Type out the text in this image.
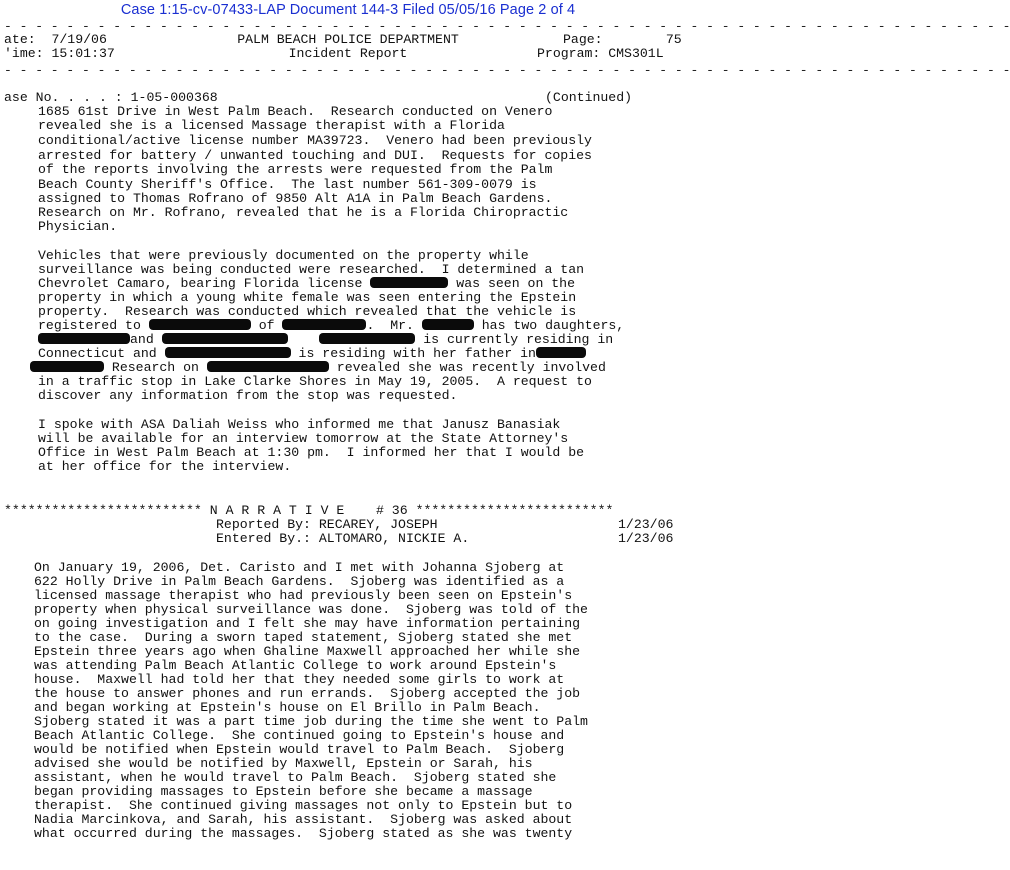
Case 1:15-cv-07433-LAP Document 144-3 Filed 05/05/16 Page 2 of 4
- - - - - - - - - - - - - - - - - - - - - - - - - - - - - - - - - - - - - - - - - - - - - - - - - - - - - - - - - - - - - - - - -
ate: 7/19/06
'ime: 15:01:37
PALM BEACH POLICE DEPARTMENT
Incident Report
Page:	75
Program: CMS301L
- - - - - - - - - - - - - - - - - - - - - - - - - - - - - - - - - - - - - - - - - - - - - - - - - - - - - - - - - - - - - - - - -
ase No. . . . : 1-05-000368	(Continued)
1685 61st Drive in West Palm Beach.  Research conducted on Venero
revealed she is a licensed Massage therapist with a Florida
conditional/active license number MA39723.  Venero had been previously
arrested for battery / unwanted touching and DUI.  Requests for copies
of the reports involving the arrests were requested from the Palm
Beach County Sheriff's Office.  The last number 561-309-0079 is
assigned to Thomas Rofrano of 9850 Alt A1A in Palm Beach Gardens.
Research on Mr. Rofrano, revealed that he is a Florida Chiropractic
Physician.
Vehicles that were previously documented on the property while
surveillance was being conducted were researched.  I determined a tan
Chevrolet Camaro, bearing Florida license	was seen on the
property in which a young white female was seen entering the Epstein
property.  Research was conducted which revealed that the vehicle is
registered to	of	.  Mr.	has two daughters,
and	is currently residing in
Connecticut and	is residing with her father in
Research on	revealed she was recently involved
in a traffic stop in Lake Clarke Shores in May 19, 2005.  A request to
discover any information from the stop was requested.
I spoke with ASA Daliah Weiss who informed me that Janusz Banasiak
will be available for an interview tomorrow at the State Attorney's
Office in West Palm Beach at 1:30 pm.  I informed her that I would be
at her office for the interview.
************************* N A R R A T I V E # 36 *************************
Reported By: RECAREY, JOSEPH	1/23/06
Entered By.: ALTOMARO, NICKIE A.	1/23/06
On January 19, 2006, Det. Caristo and I met with Johanna Sjoberg at
622 Holly Drive in Palm Beach Gardens.  Sjoberg was identified as a
licensed massage therapist who had previously been seen on Epstein's
property when physical surveillance was done.  Sjoberg was told of the
on going investigation and I felt she may have information pertaining
to the case.  During a sworn taped statement, Sjoberg stated she met
Epstein three years ago when Ghaline Maxwell approached her while she
was attending Palm Beach Atlantic College to work around Epstein's
house.  Maxwell had told her that they needed some girls to work at
the house to answer phones and run errands.  Sjoberg accepted the job
and began working at Epstein's house on El Brillo in Palm Beach.
Sjoberg stated it was a part time job during the time she went to Palm
Beach Atlantic College.  She continued going to Epstein's house and
would be notified when Epstein would travel to Palm Beach.  Sjoberg
advised she would be notified by Maxwell, Epstein or Sarah, his
assistant, when he would travel to Palm Beach.  Sjoberg stated she
began providing massages to Epstein before she became a massage
therapist.  She continued giving massages not only to Epstein but to
Nadia Marcinkova, and Sarah, his assistant.  Sjoberg was asked about
what occurred during the massages.  Sjoberg stated as she was twenty
